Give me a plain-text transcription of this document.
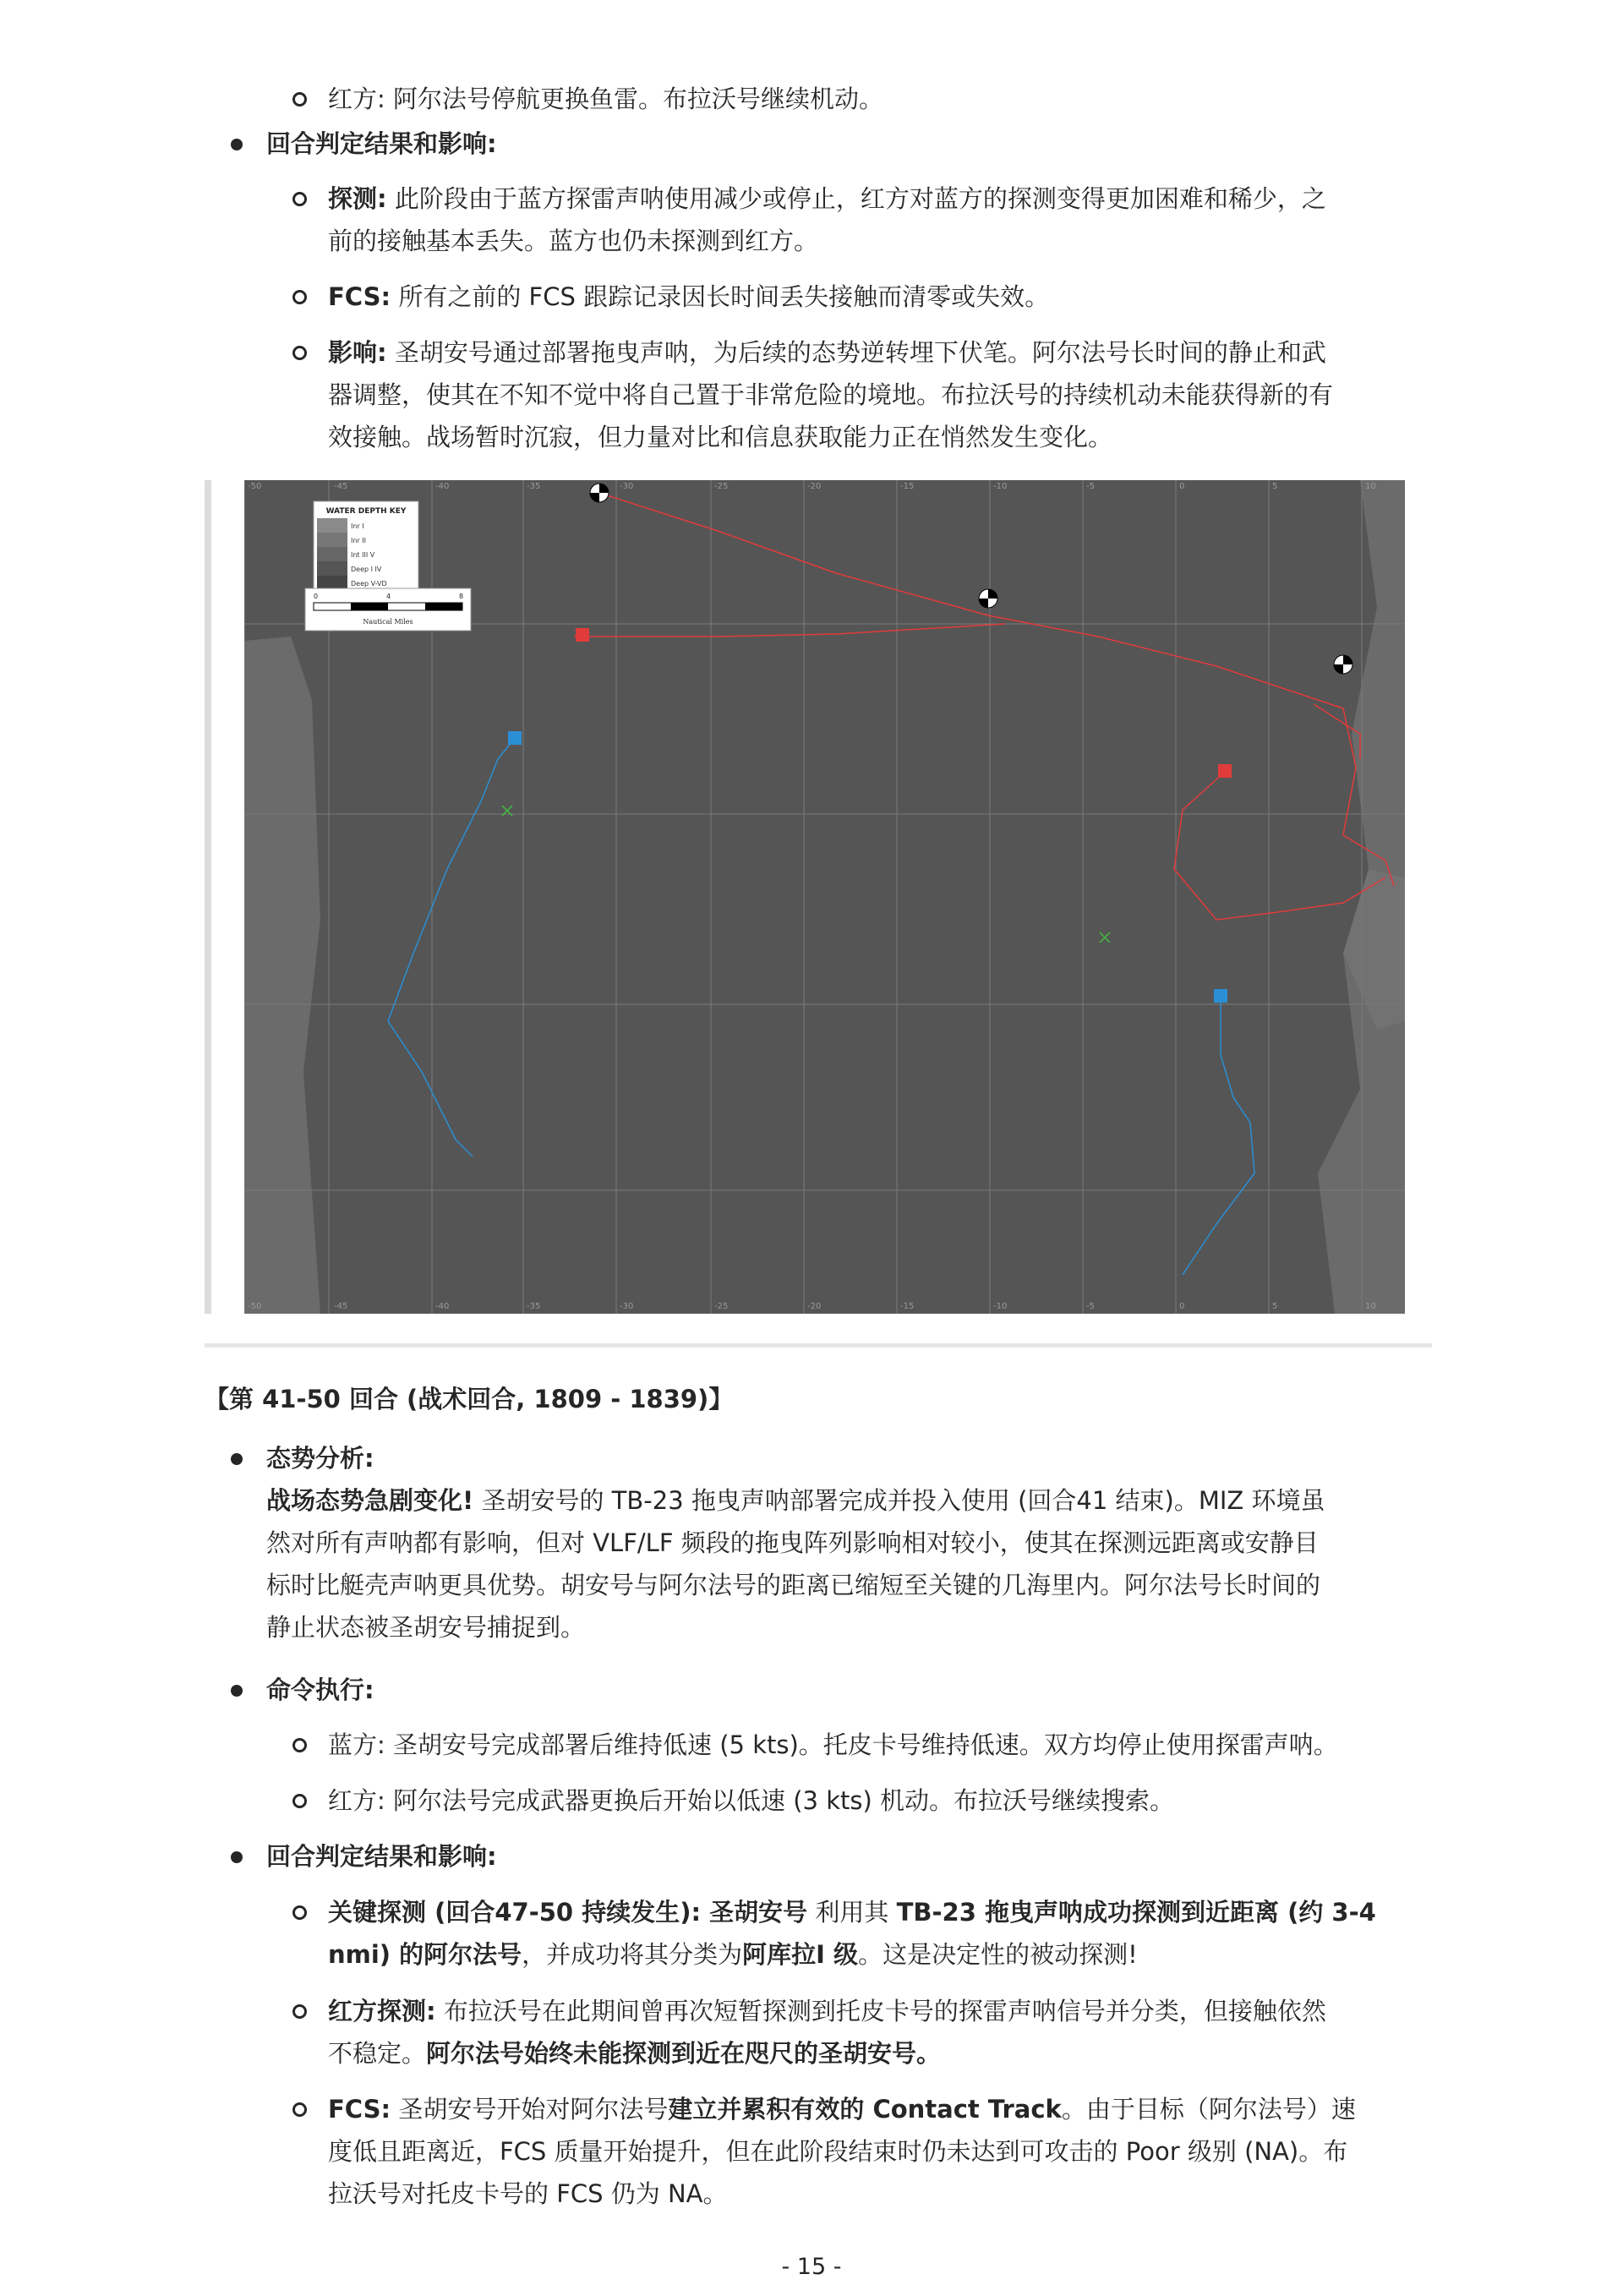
红方: 阿尔法号停航更换鱼雷。布拉沃号继续机动。
回合判定结果和影响:
探测: 此阶段由于蓝方探雷声呐使用减少或停止，红方对蓝方的探测变得更加困难和稀少，之
前的接触基本丢失。蓝方也仍未探测到红方。
FCS: 所有之前的 FCS 跟踪记录因长时间丢失接触而清零或失效。
影响: 圣胡安号通过部署拖曳声呐，为后续的态势逆转埋下伏笔。阿尔法号长时间的静止和武
器调整，使其在不知不觉中将自己置于非常危险的境地。布拉沃号的持续机动未能获得新的有
效接触。战场暂时沉寂，但力量对比和信息获取能力正在悄然发生变化。
-50	-45	-40	-35	-30	-25	-20	-15	-10	-5	0	5	10
-50	-45	-40	-35	-30	-25	-20	-15	-10	-5	0	5	10
WATER DEPTH KEY
Inr I
Inr II
Int III V
Deep I IV
Deep V-VD
0	4	8
Nautical Miles
【第 41-50 回合 (战术回合, 1809 - 1839)】
态势分析:
战场态势急剧变化! 圣胡安号的 TB-23 拖曳声呐部署完成并投入使用 (回合41 结束)。MIZ 环境虽
然对所有声呐都有影响，但对 VLF/LF 频段的拖曳阵列影响相对较小，使其在探测远距离或安静目
标时比艇壳声呐更具优势。胡安号与阿尔法号的距离已缩短至关键的几海里内。阿尔法号长时间的
静止状态被圣胡安号捕捉到。
命令执行:
蓝方: 圣胡安号完成部署后维持低速 (5 kts)。托皮卡号维持低速。双方均停止使用探雷声呐。
红方: 阿尔法号完成武器更换后开始以低速 (3 kts) 机动。布拉沃号继续搜索。
回合判定结果和影响:
关键探测 (回合47-50 持续发生): 圣胡安号 利用其 TB-23 拖曳声呐成功探测到近距离 (约 3-4
nmi) 的阿尔法号，并成功将其分类为阿库拉I 级。这是决定性的被动探测!
红方探测: 布拉沃号在此期间曾再次短暂探测到托皮卡号的探雷声呐信号并分类，但接触依然
不稳定。阿尔法号始终未能探测到近在咫尺的圣胡安号。
FCS: 圣胡安号开始对阿尔法号建立并累积有效的 Contact Track。由于目标（阿尔法号）速
度低且距离近，FCS 质量开始提升，但在此阶段结束时仍未达到可攻击的 Poor 级别 (NA)。布
拉沃号对托皮卡号的 FCS 仍为 NA。
- 15 -
